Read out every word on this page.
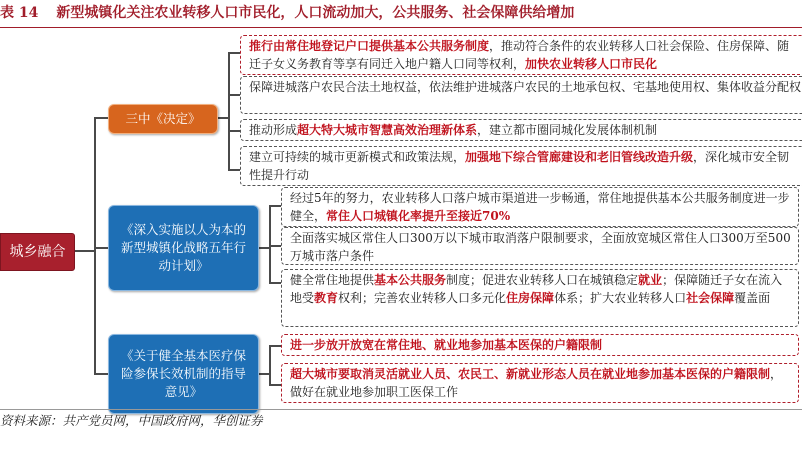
表 14 新型城镇化关注农业转移人口市民化，人口流动加大，公共服务、社会保障供给增加
城乡融合
三中《决定》
《深入实施以人为本的新型城镇化战略五年行动计划》
《关于健全基本医疗保险参保长效机制的指导意见》
推行由常住地登记户口提供基本公共服务制度，推动符合条件的农业转移人口社会保险、住房保障、随迁子女义务教育等享有同迁入地户籍人口同等权利，加快农业转移人口市民化
保障进城落户农民合法土地权益，依法维护进城落户农民的土地承包权、宅基地使用权、集体收益分配权
推动形成超大特大城市智慧高效治理新体系，建立都市圈同城化发展体制机制
建立可持续的城市更新模式和政策法规，加强地下综合管廊建设和老旧管线改造升级，深化城市安全韧性提升行动
经过5年的努力，农业转移人口落户城市渠道进一步畅通，常住地提供基本公共服务制度进一步健全，常住人口城镇化率提升至接近70%
全面落实城区常住人口300万以下城市取消落户限制要求，全面放宽城区常住人口300万至500万城市落户条件
健全常住地提供基本公共服务制度；促进农业转移人口在城镇稳定就业；保障随迁子女在流入地受教育权利；完善农业转移人口多元化住房保障体系；扩大农业转移人口社会保障覆盖面
进一步放开放宽在常住地、就业地参加基本医保的户籍限制
超大城市要取消灵活就业人员、农民工、新就业形态人员在就业地参加基本医保的户籍限制，做好在就业地参加职工医保工作
资料来源：共产党员网，中国政府网，华创证券
